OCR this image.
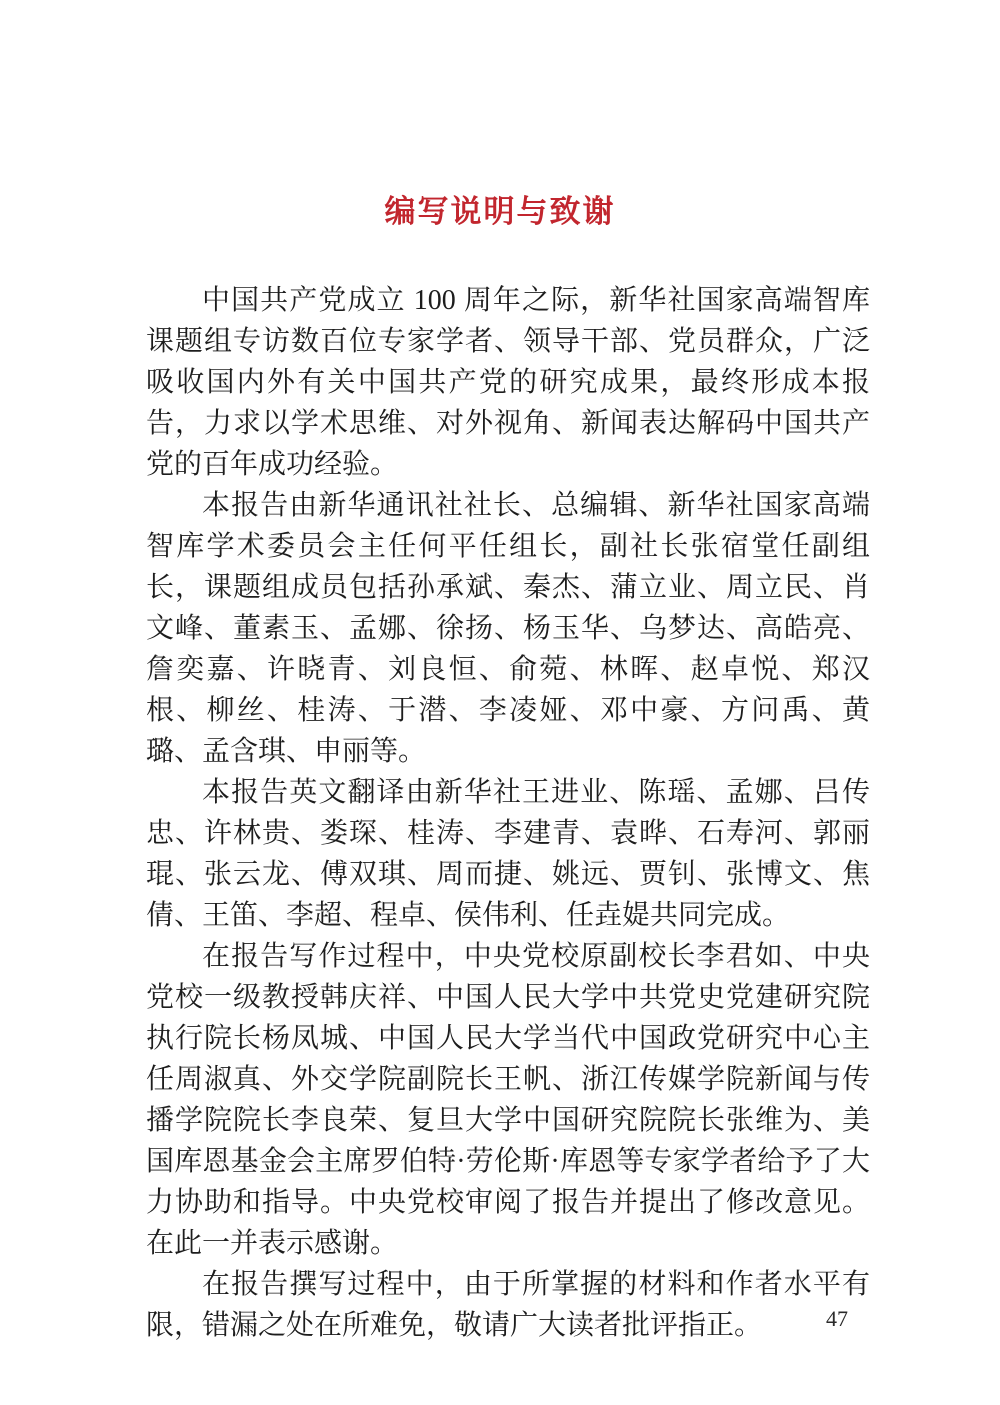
编写说明与致谢

中国共产党成立 100 周年之际，新华社国家高端智库课题组专访数百位专家学者、领导干部、党员群众，广泛吸收国内外有关中国共产党的研究成果，最终形成本报告，力求以学术思维、对外视角、新闻表达解码中国共产党的百年成功经验。

本报告由新华通讯社社长、总编辑、新华社国家高端智库学术委员会主任何平任组长，副社长张宿堂任副组长，课题组成员包括孙承斌、秦杰、蒲立业、周立民、肖文峰、董素玉、孟娜、徐扬、杨玉华、乌梦达、高皓亮、詹奕嘉、许晓青、刘良恒、俞菀、林晖、赵卓悦、郑汉根、柳丝、桂涛、于潜、李凌娅、邓中豪、方问禹、黄璐、孟含琪、申丽等。

本报告英文翻译由新华社王进业、陈瑶、孟娜、吕传忠、许林贵、娄琛、桂涛、李建青、袁晔、石寿河、郭丽琨、张云龙、傅双琪、周而捷、姚远、贾钊、张博文、焦倩、王笛、李超、程卓、侯伟利、任垚媞共同完成。

在报告写作过程中，中央党校原副校长李君如、中央党校一级教授韩庆祥、中国人民大学中共党史党建研究院执行院长杨凤城、中国人民大学当代中国政党研究中心主任周淑真、外交学院副院长王帆、浙江传媒学院新闻与传播学院院长李良荣、复旦大学中国研究院院长张维为、美国库恩基金会主席罗伯特·劳伦斯·库恩等专家学者给予了大力协助和指导。中央党校审阅了报告并提出了修改意见。在此一并表示感谢。

在报告撰写过程中，由于所掌握的材料和作者水平有限，错漏之处在所难免，敬请广大读者批评指正。	47
